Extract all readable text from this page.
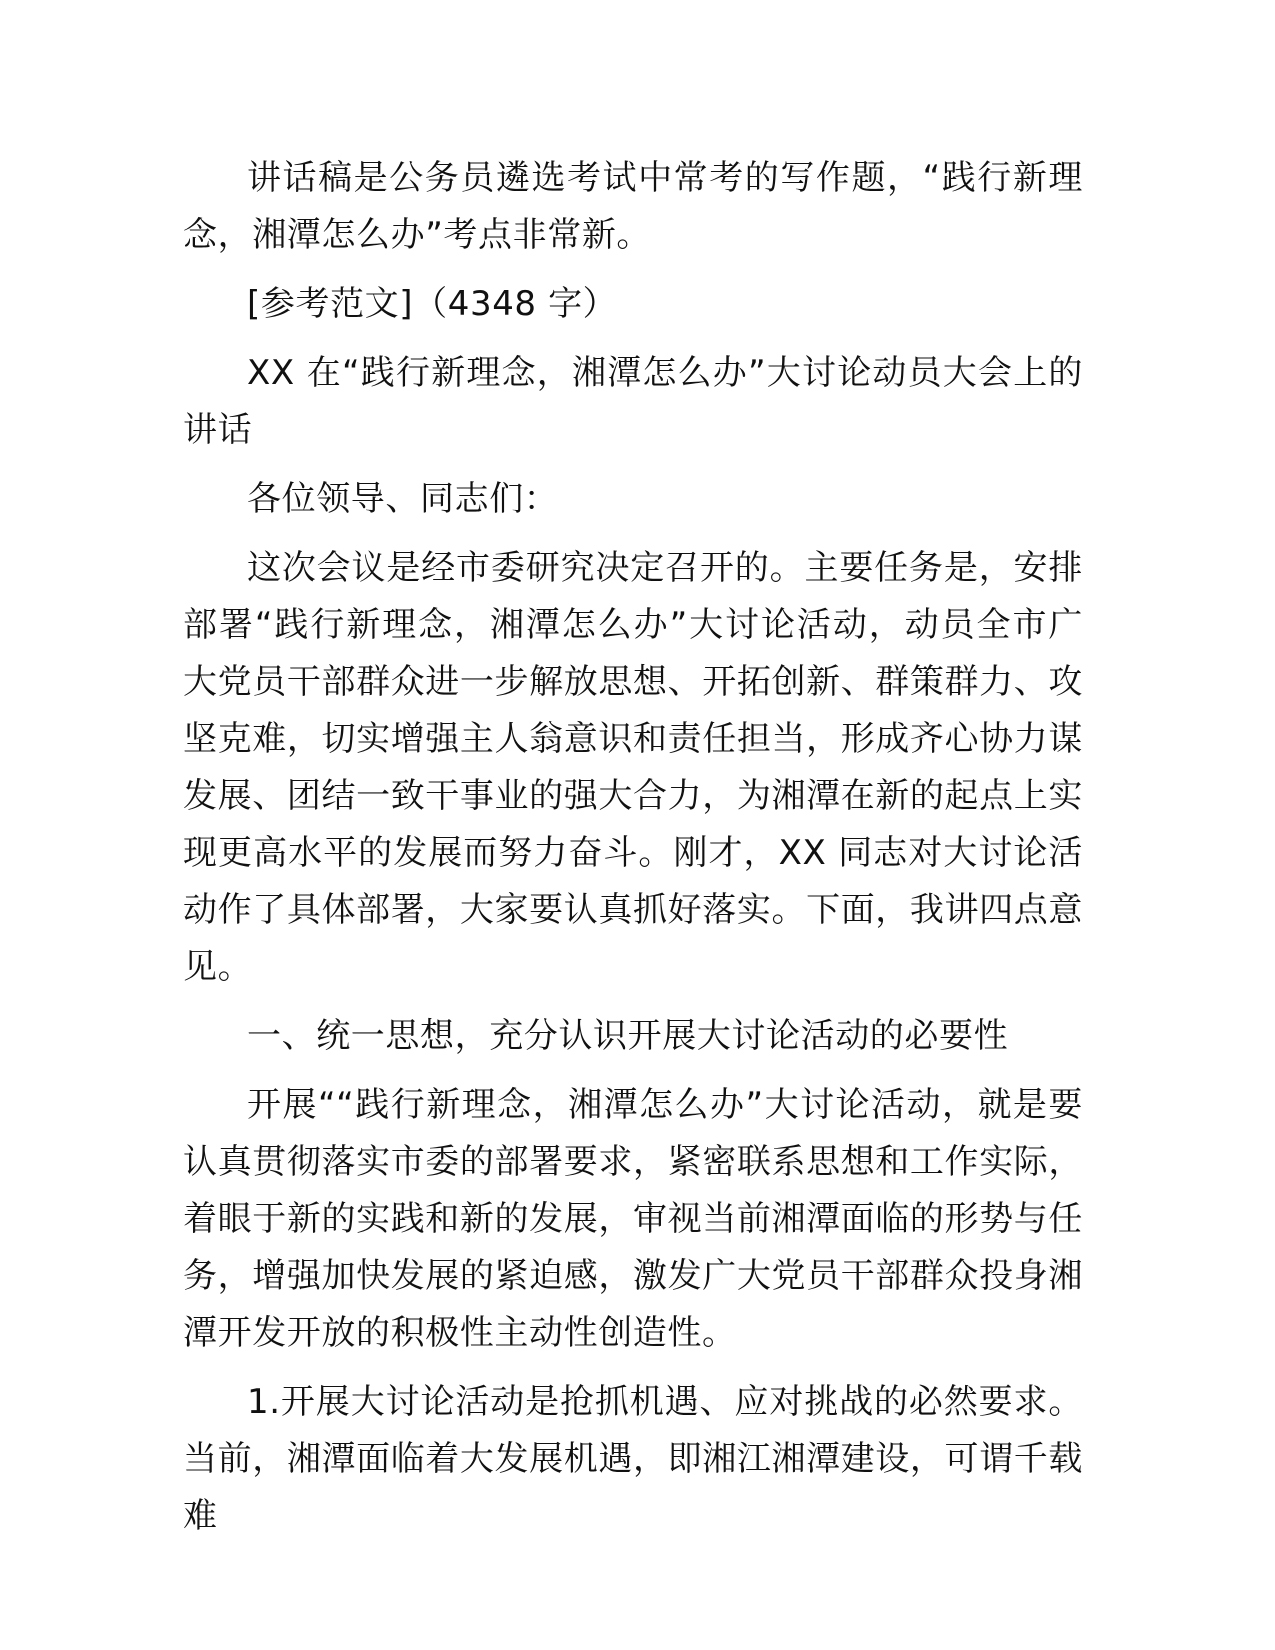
讲话稿是公务员遴选考试中常考的写作题，“践行新理念，湘潭怎么办”考点非常新。

[参考范文]（4348 字）

XX 在“践行新理念，湘潭怎么办”大讨论动员大会上的讲话

各位领导、同志们：

这次会议是经市委研究决定召开的。主要任务是，安排部署“践行新理念，湘潭怎么办”大讨论活动，动员全市广大党员干部群众进一步解放思想、开拓创新、群策群力、攻坚克难，切实增强主人翁意识和责任担当，形成齐心协力谋发展、团结一致干事业的强大合力，为湘潭在新的起点上实现更高水平的发展而努力奋斗。刚才，XX 同志对大讨论活动作了具体部署，大家要认真抓好落实。下面，我讲四点意见。

一、统一思想，充分认识开展大讨论活动的必要性

开展““践行新理念，湘潭怎么办”大讨论活动，就是要认真贯彻落实市委的部署要求，紧密联系思想和工作实际，着眼于新的实践和新的发展，审视当前湘潭面临的形势与任务，增强加快发展的紧迫感，激发广大党员干部群众投身湘潭开发开放的积极性主动性创造性。

1.开展大讨论活动是抢抓机遇、应对挑战的必然要求。当前，湘潭面临着大发展机遇，即湘江湘潭建设，可谓千载难
